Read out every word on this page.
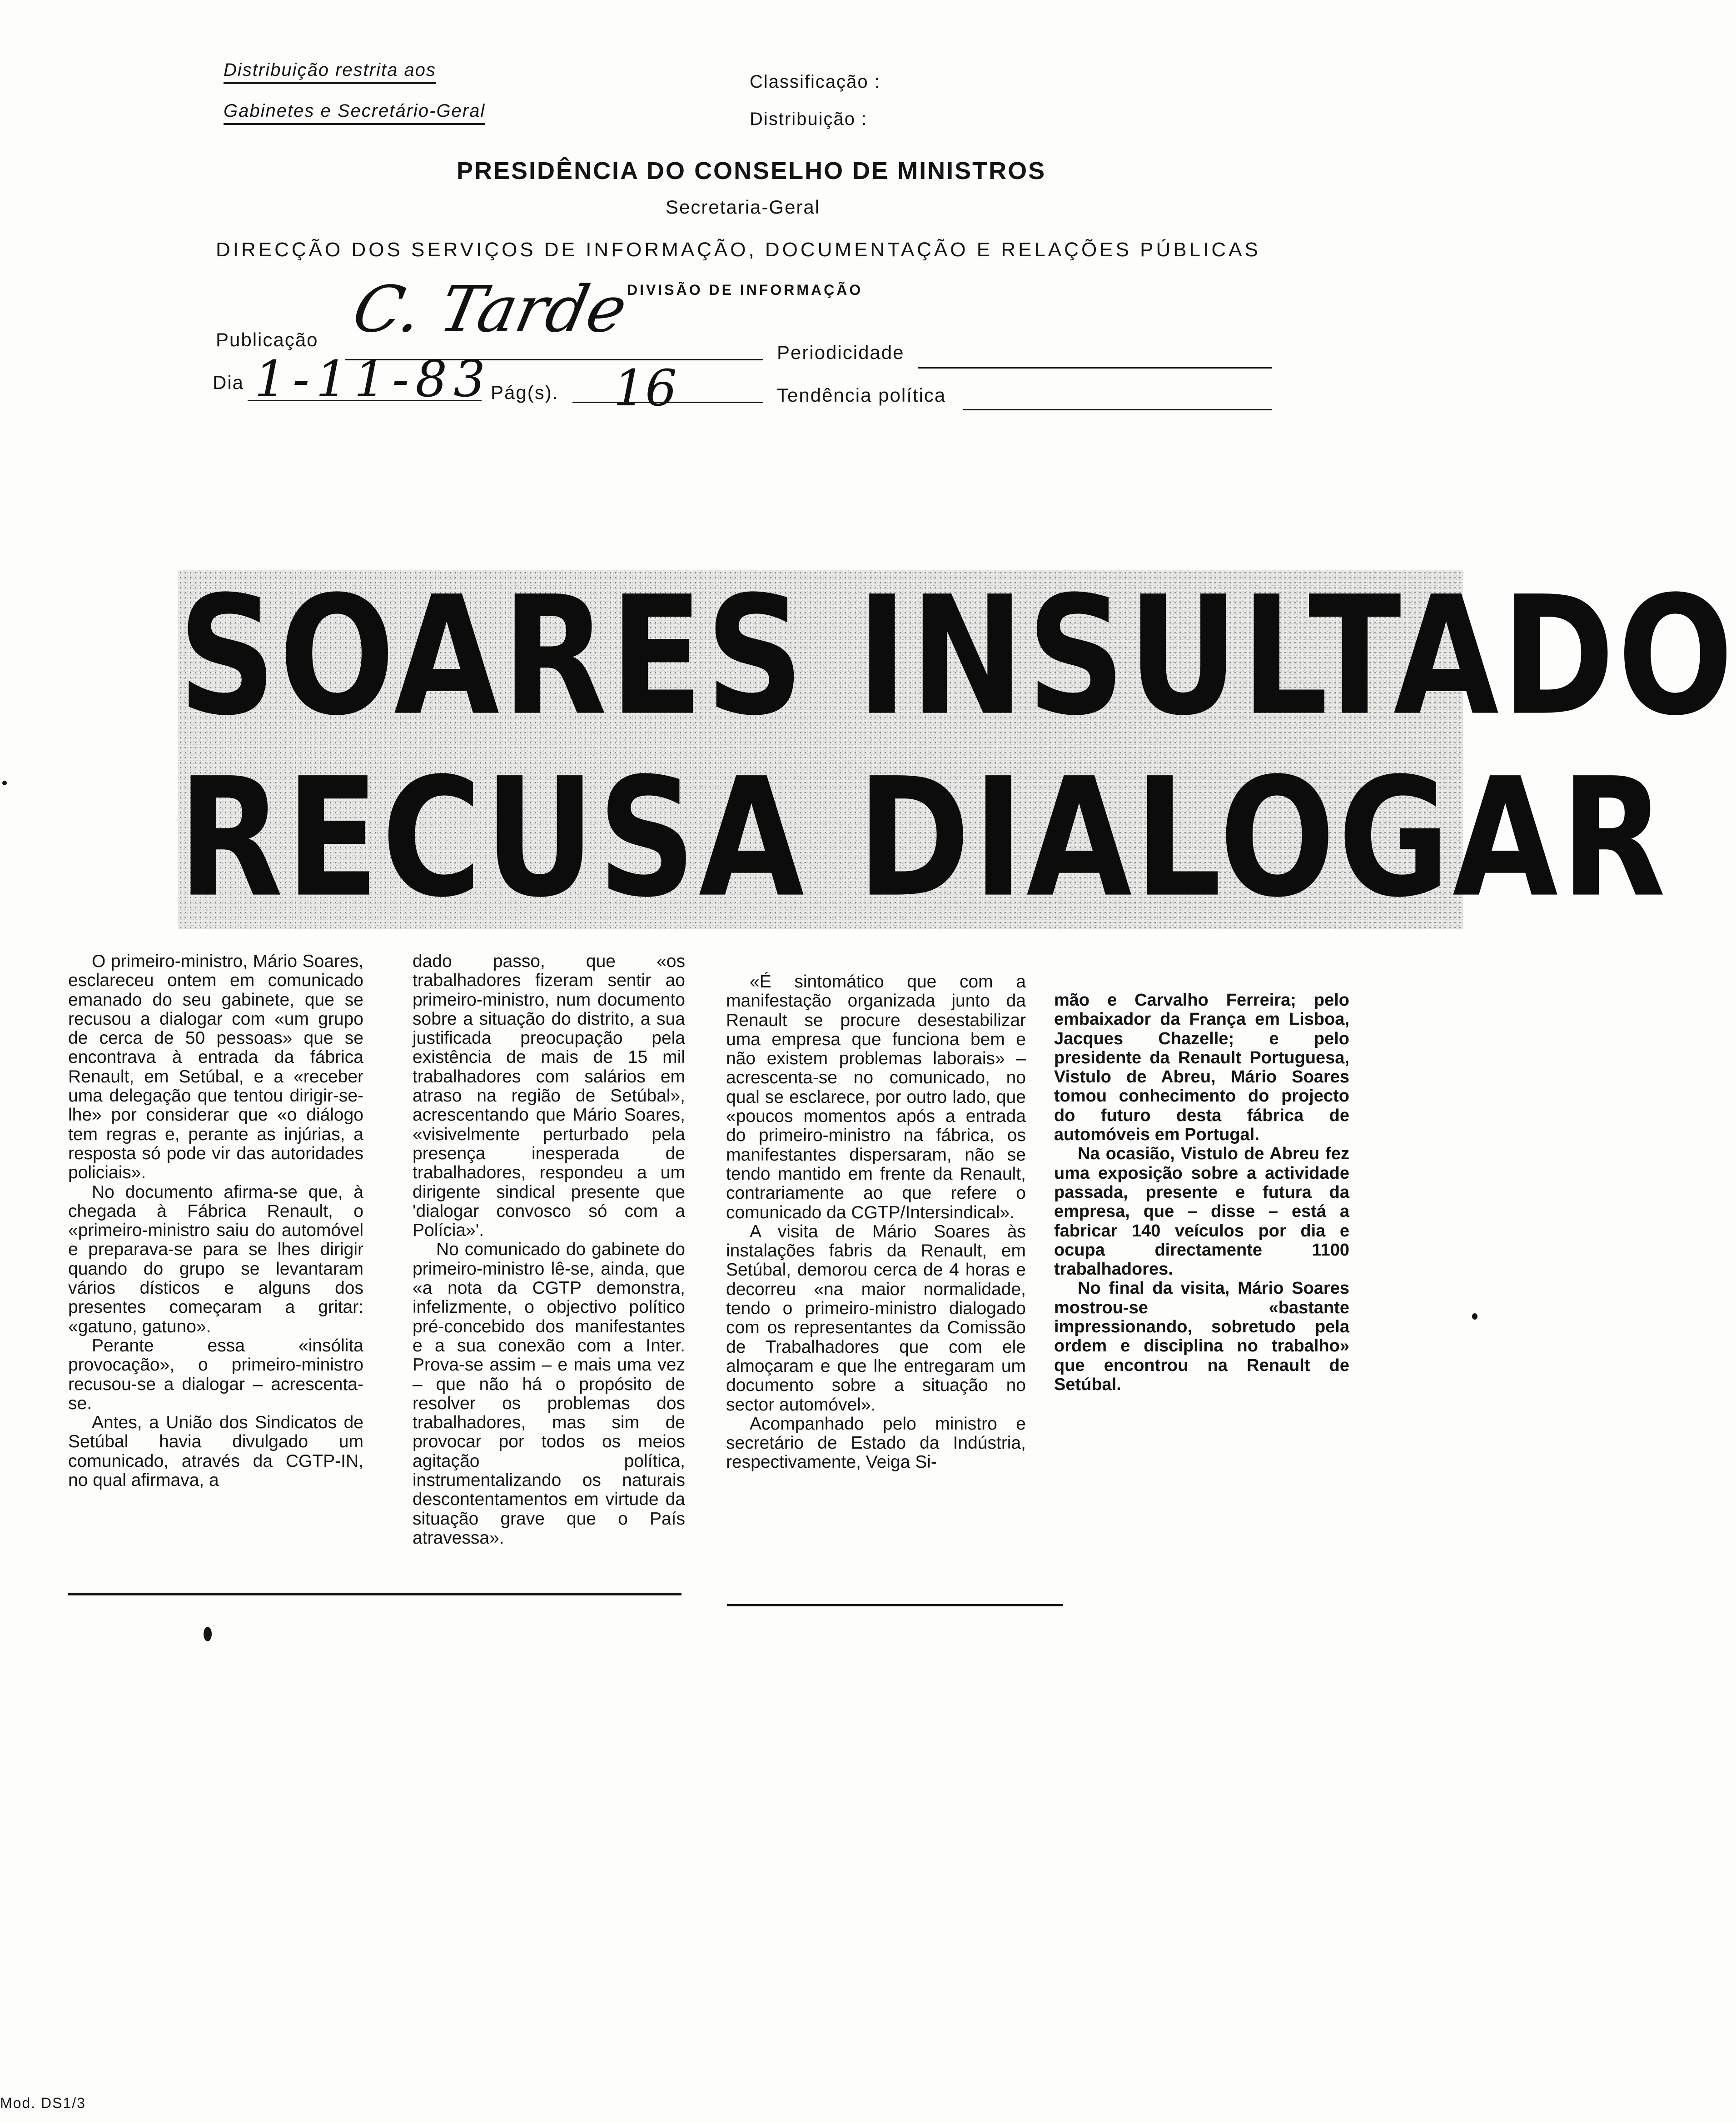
Distribuição restrita aos
Gabinetes e Secretário-Geral
Classificação :
Distribuição :
PRESIDÊNCIA DO CONSELHO DE MINISTROS
Secretaria-Geral
DIRECÇÃO DOS SERVIÇOS DE INFORMAÇÃO, DOCUMENTAÇÃO E RELAÇÕES PÚBLICAS
DIVISÃO DE INFORMAÇÃO
Publicação C. Tarde
Periodicidade
Dia 1-11-83
Pág(s). 16	Tendência política
SOARES INSULTADO
RECUSA DIALOGAR

O primeiro-ministro, Mário Soares, esclareceu ontem em comunicado emanado do seu gabinete, que se recusou a dialogar com «um grupo de cerca de 50 pessoas» que se encontrava à entrada da fábrica Renault, em Setúbal, e a «receber uma delegação que tentou dirigir-se-lhe» por considerar que «o diálogo tem regras e, perante as injúrias, a resposta só pode vir das autoridades policiais».

No documento afirma-se que, à chegada à Fábrica Renault, o «primeiro-ministro saiu do automóvel e preparava-se para se lhes dirigir quando do grupo se levantaram vários dísticos e alguns dos presentes começaram a gritar: «gatuno, gatuno».

Perante essa «insólita provocação», o primeiro-ministro recusou-se a dialogar – acrescenta-se.

Antes, a União dos Sindicatos de Setúbal havia divulgado um comunicado, através da CGTP-IN, no qual afirmava, a

dado passo, que «os trabalhadores fizeram sentir ao primeiro-ministro, num documento sobre a situação do distrito, a sua justificada preocupação pela existência de mais de 15 mil trabalhadores com salários em atraso na região de Setúbal», acrescentando que Mário Soares, «visivelmente perturbado pela presença inesperada de trabalhadores, respondeu a um dirigente sindical presente que 'dialogar convosco só com a Polícia»'.

No comunicado do gabinete do primeiro-ministro lê-se, ainda, que «a nota da CGTP demonstra, infelizmente, o objectivo político pré-concebido dos manifestantes e a sua conexão com a Inter. Prova-se assim – e mais uma vez – que não há o propósito de resolver os problemas dos trabalhadores, mas sim de provocar por todos os meios agitação política, instrumentalizando os naturais descontentamentos em virtude da situação grave que o País atravessa».

«É sintomático que com a manifestação organizada junto da Renault se procure desestabilizar uma empresa que funciona bem e não existem problemas laborais» – acrescenta-se no comunicado, no qual se esclarece, por outro lado, que «poucos momentos após a entrada do primeiro-ministro na fábrica, os manifestantes dispersaram, não se tendo mantido em frente da Renault, contrariamente ao que refere o comunicado da CGTP/Intersindical».

A visita de Mário Soares às instalações fabris da Renault, em Setúbal, demorou cerca de 4 horas e decorreu «na maior normalidade, tendo o primeiro-ministro dialogado com os representantes da Comissão de Trabalhadores que com ele almoçaram e que lhe entregaram um documento sobre a situação no sector automóvel».

Acompanhado pelo ministro e secretário de Estado da Indústria, respectivamente, Veiga Si-

mão e Carvalho Ferreira; pelo embaixador da França em Lisboa, Jacques Chazelle; e pelo presidente da Renault Portuguesa, Vistulo de Abreu, Mário Soares tomou conhecimento do projecto do futuro desta fábrica de automóveis em Portugal.

Na ocasião, Vistulo de Abreu fez uma exposição sobre a actividade passada, presente e futura da empresa, que – disse – está a fabricar 140 veículos por dia e ocupa directamente 1100 trabalhadores.

No final da visita, Mário Soares mostrou-se «bastante impressionando, sobretudo pela ordem e disciplina no trabalho» que encontrou na Renault de Setúbal.

Mod. DS1/3
